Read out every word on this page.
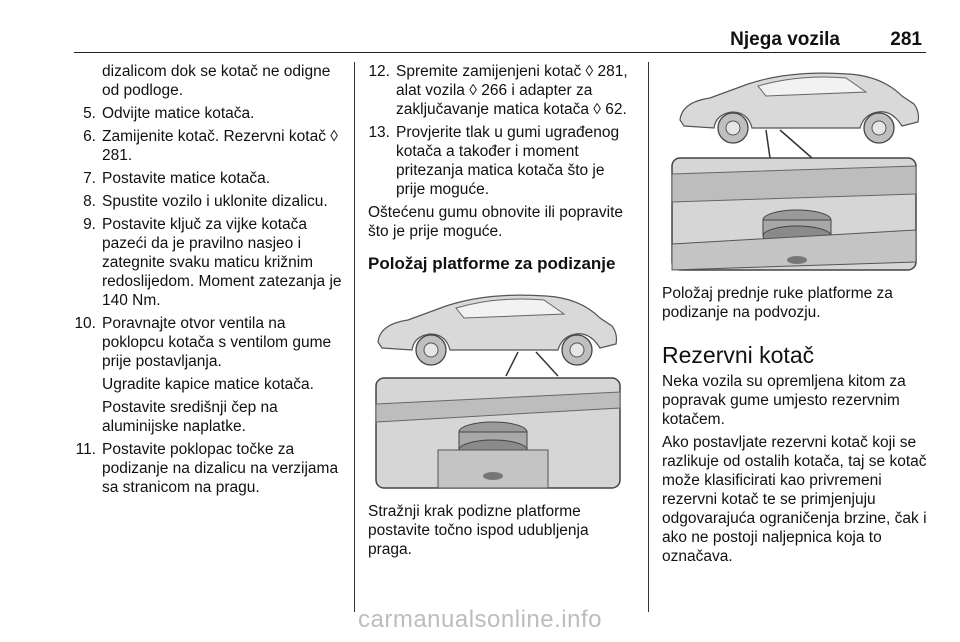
Njega vozila	281
dizalicom dok se kotač ne odigne od podloge.
5. Odvijte matice kotača.
6. Zamijenite kotač. Rezervni kotač ◊ 281.
7. Postavite matice kotača.
8. Spustite vozilo i uklonite dizalicu.
9. Postavite ključ za vijke kotača pazeći da je pravilno nasjeo i zategnite svaku maticu križnim redoslijedom. Moment zatezanja je 140 Nm.
10. Poravnajte otvor ventila na poklopcu kotača s ventilom gume prije postavljanja.
Ugradite kapice matice kotača.
Postavite središnji čep na aluminijske naplatke.
11. Postavite poklopac točke za podizanje na dizalicu na verzijama sa stranicom na pragu.
12. Spremite zamijenjeni kotač ◊ 281, alat vozila ◊ 266 i adapter za zaključavanje matica kotača ◊ 62.
13. Provjerite tlak u gumi ugrađenog kotača a također i moment pritezanja matica kotača što je prije moguće.
Oštećenu gumu obnovite ili popravite što je prije moguće.
Položaj platforme za podizanje
Stražnji krak podizne platforme postavite točno ispod udubljenja praga.
Položaj prednje ruke platforme za podizanje na podvozju.
Rezervni kotač
Neka vozila su opremljena kitom za popravak gume umjesto rezervnim kotačem.
Ako postavljate rezervni kotač koji se razlikuje od ostalih kotača, taj se kotač može klasificirati kao privremeni rezervni kotač te se primjenjuju odgovarajuća ograničenja brzine, čak i ako ne postoji naljepnica koja to označava.
carmanualsonline.info
